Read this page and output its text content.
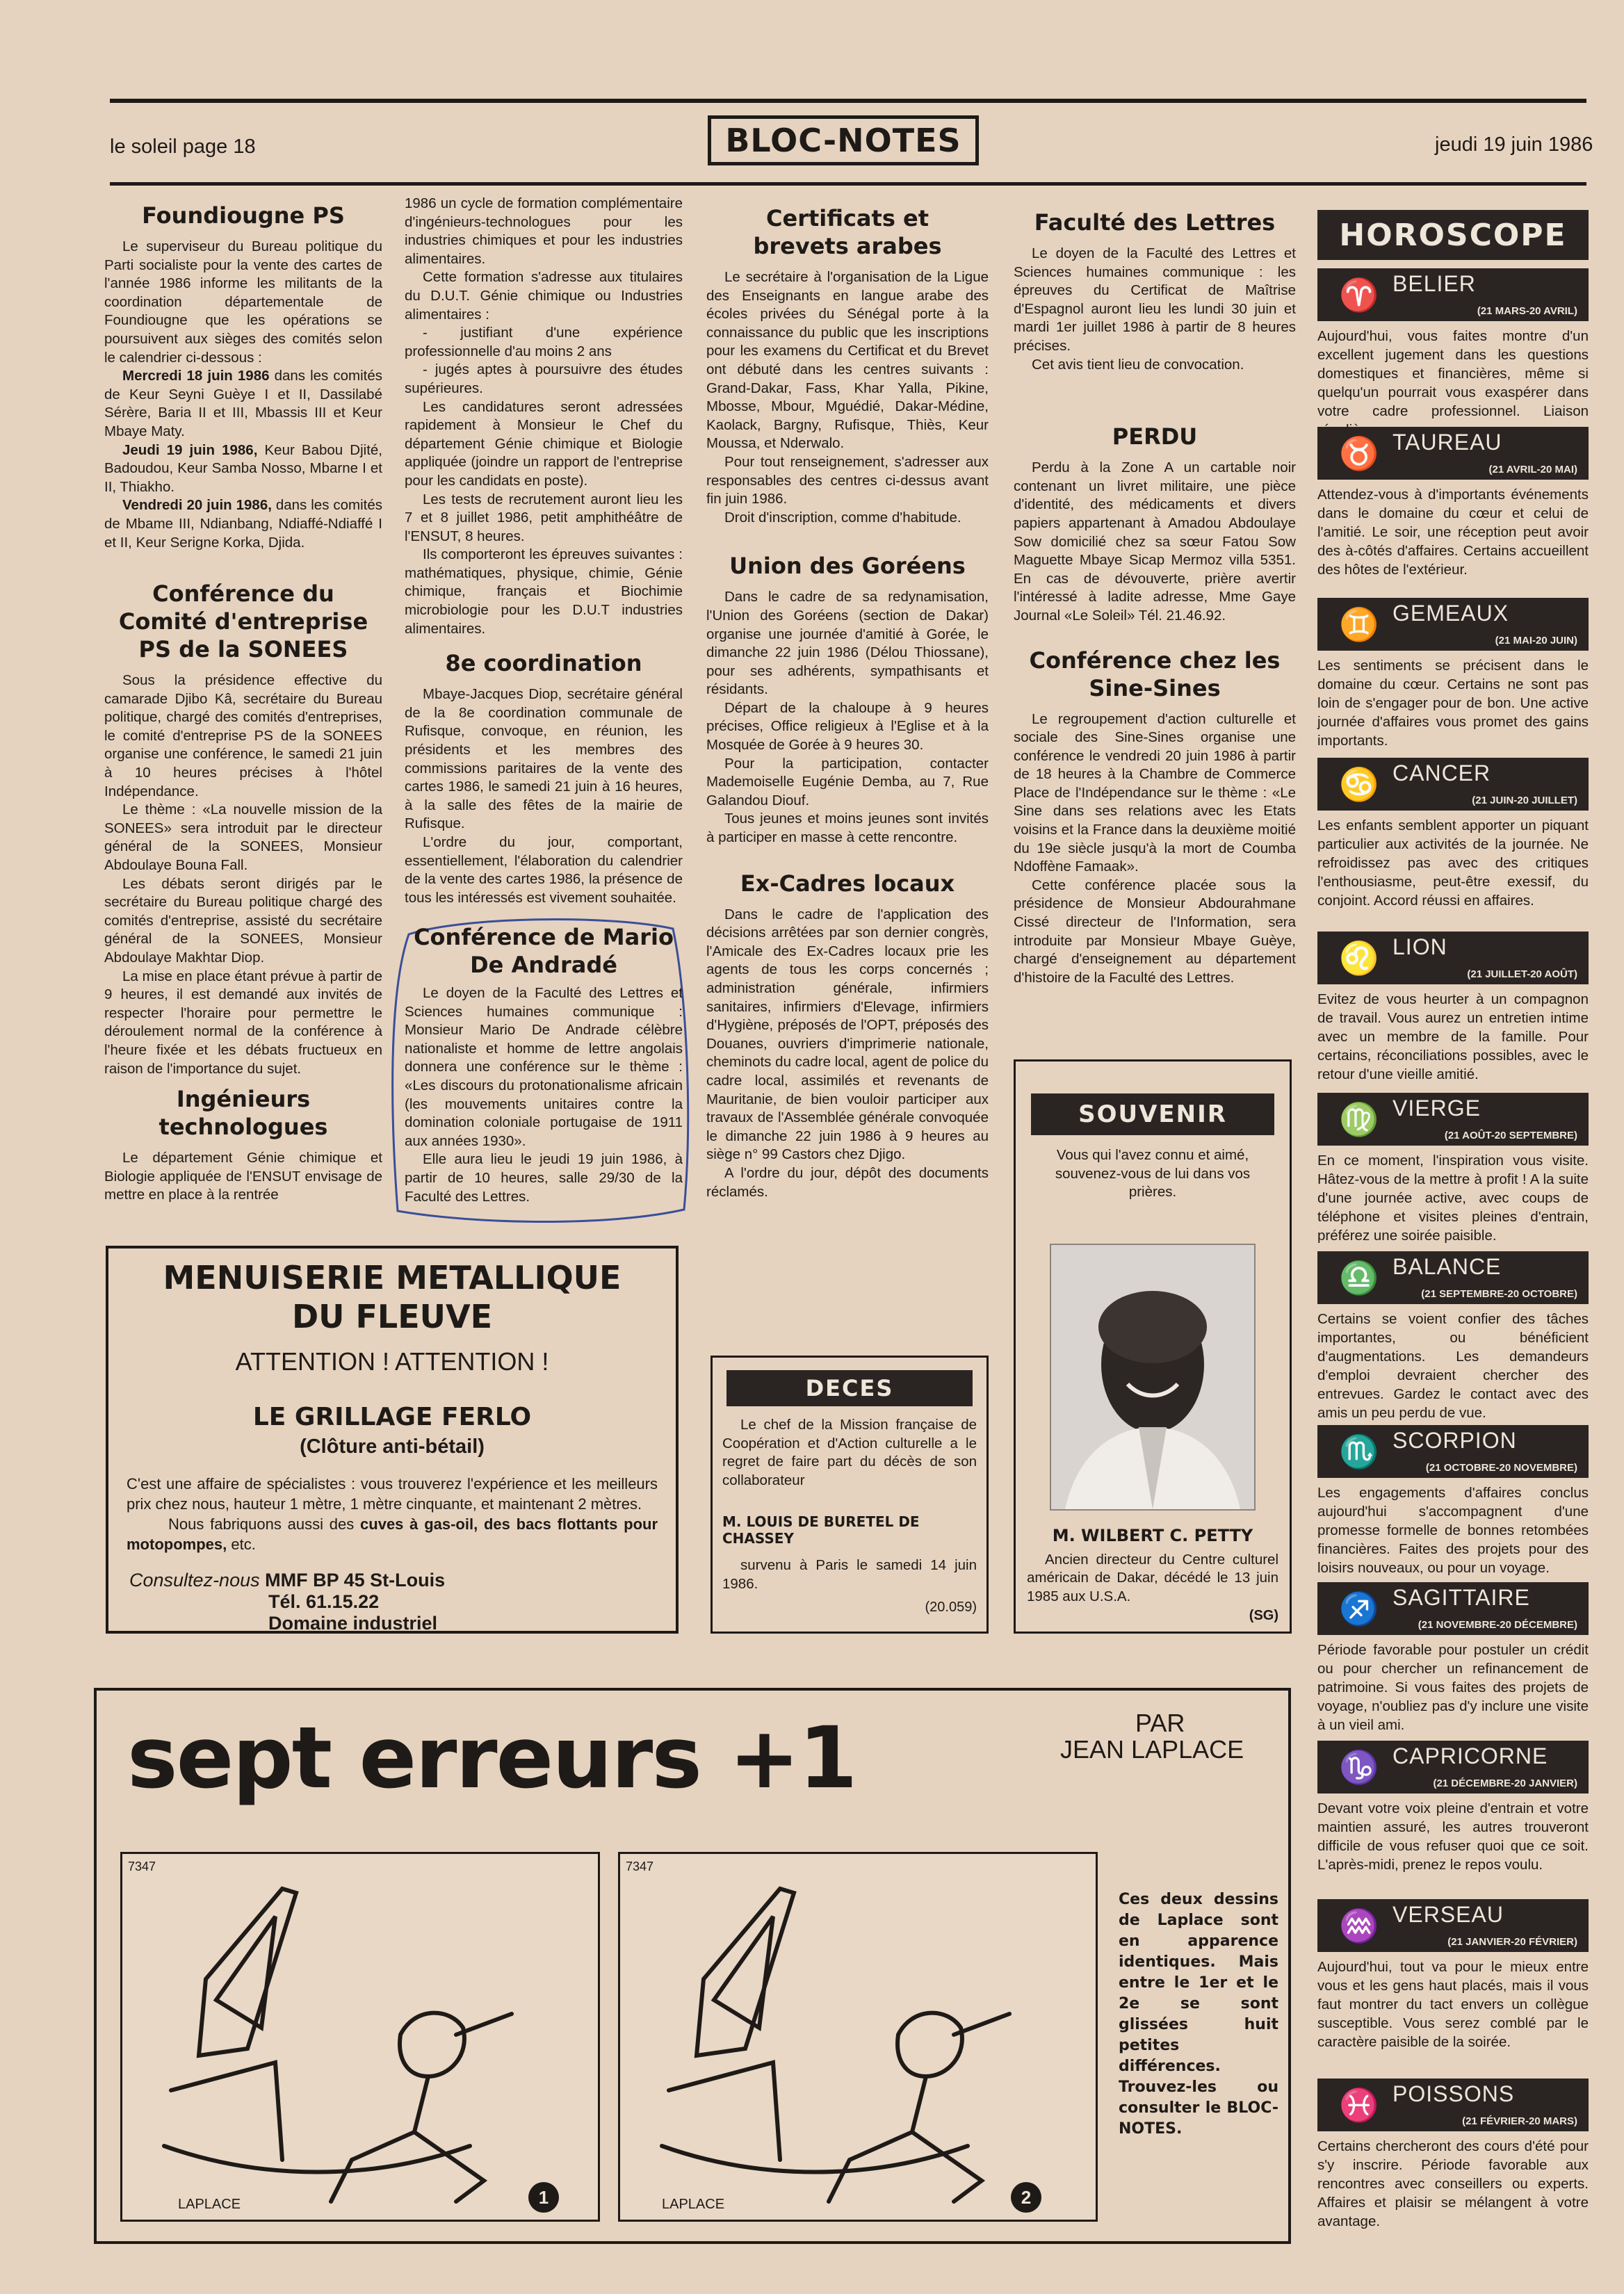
le soleil page 18	BLOC-NOTES	jeudi 19 juin 1986
Foundiougne PS

Le superviseur du Bureau politique du Parti socialiste pour la vente des cartes de l'année 1986 informe les militants de la coordination départementale de Foundiougne que les opérations se poursuivent aux sièges des comités selon le calendrier ci-dessous :

Mercredi 18 juin 1986 dans les comités de Keur Seyni Guèye I et II, Dassilabé Sérère, Baria II et III, Mbassis III et Keur Mbaye Maty.

Jeudi 19 juin 1986, Keur Babou Djité, Badoudou, Keur Samba Nosso, Mbarne I et II, Thiakho.

Vendredi 20 juin 1986, dans les comités de Mbame III, Ndianbang, Ndiaffé-Ndiaffé I et II, Keur Serigne Korka, Djida.

Conférence du Comité d'entreprise PS de la SONEES

Sous la présidence effective du camarade Djibo Kâ, secrétaire du Bureau politique, chargé des comités d'entreprises, le comité d'entreprise PS de la SONEES organise une conférence, le samedi 21 juin à 10 heures précises à l'hôtel Indépendance.

Le thème : «La nouvelle mission de la SONEES» sera introduit par le directeur général de la SONEES, Monsieur Abdoulaye Bouna Fall.

Les débats seront dirigés par le secrétaire du Bureau politique chargé des comités d'entreprise, assisté du secrétaire général de la SONEES, Monsieur Abdoulaye Makhtar Diop.

La mise en place étant prévue à partir de 9 heures, il est demandé aux invités de respecter l'horaire pour permettre le déroulement normal de la conférence à l'heure fixée et les débats fructueux en raison de l'importance du sujet.

Ingénieurs technologues

Le département Génie chimique et Biologie appliquée de l'ENSUT envisage de mettre en place à la rentrée

1986 un cycle de formation complémentaire d'ingénieurs-technologues pour les industries chimiques et pour les industries alimentaires.

Cette formation s'adresse aux titulaires du D.U.T. Génie chimique ou Industries alimentaires :

- justifiant d'une expérience professionnelle d'au moins 2 ans

- jugés aptes à poursuivre des études supérieures.

Les candidatures seront adressées rapidement à Monsieur le Chef du département Génie chimique et Biologie appliquée (joindre un rapport de l'entreprise pour les candidats en poste).

Les tests de recrutement auront lieu les 7 et 8 juillet 1986, petit amphithéâtre de l'ENSUT, 8 heures.

Ils comporteront les épreuves suivantes : mathématiques, physique, chimie, Génie chimique, français et Biochimie microbiologie pour les D.U.T industries alimentaires.

8e coordination

Mbaye-Jacques Diop, secrétaire général de la 8e coordination communale de Rufisque, convoque, en réunion, les présidents et les membres des commissions paritaires de la vente des cartes 1986, le samedi 21 juin à 16 heures, à la salle des fêtes de la mairie de Rufisque.

L'ordre du jour, comportant, essentiellement, l'élaboration du calendrier de la vente des cartes 1986, la présence de tous les intéressés est vivement souhaitée.

Conférence de Mario De Andradé

Le doyen de la Faculté des Lettres et Sciences humaines communique : Monsieur Mario De Andrade célèbre nationaliste et homme de lettre angolais donnera une conférence sur le thème : «Les discours du protonationalisme africain (les mouvements unitaires contre la domination coloniale portugaise de 1911 aux années 1930».

Elle aura lieu le jeudi 19 juin 1986, à partir de 10 heures, salle 29/30 de la Faculté des Lettres.

Certificats et brevets arabes

Le secrétaire à l'organisation de la Ligue des Enseignants en langue arabe des écoles privées du Sénégal porte à la connaissance du public que les inscriptions pour les examens du Certificat et du Brevet ont débuté dans les centres suivants : Grand-Dakar, Fass, Khar Yalla, Pikine, Mbosse, Mbour, Mguédié, Dakar-Médine, Kaolack, Bargny, Rufisque, Thiès, Keur Moussa, et Nderwalo.

Pour tout renseignement, s'adresser aux responsables des centres ci-dessus avant fin juin 1986.

Droit d'inscription, comme d'habitude.

Union des Goréens

Dans le cadre de sa redynamisation, l'Union des Goréens (section de Dakar) organise une journée d'amitié à Gorée, le dimanche 22 juin 1986 (Délou Thiossane), pour ses adhérents, sympathisants et résidants.

Départ de la chaloupe à 9 heures précises, Office religieux à l'Eglise et à la Mosquée de Gorée à 9 heures 30.

Pour la participation, contacter Mademoiselle Eugénie Demba, au 7, Rue Galandou Diouf.

Tous jeunes et moins jeunes sont invités à participer en masse à cette rencontre.

Ex-Cadres locaux

Dans le cadre de l'application des décisions arrêtées par son dernier congrès, l'Amicale des Ex-Cadres locaux prie les agents de tous les corps concernés ; administration générale, infirmiers sanitaires, infirmiers d'Elevage, infirmiers d'Hygiène, préposés de l'OPT, préposés des Douanes, ouvriers d'imprimerie nationale, cheminots du cadre local, agent de police du cadre local, assimilés et revenants de Mauritanie, de bien vouloir participer aux travaux de l'Assemblée générale convoquée le dimanche 22 juin 1986 à 9 heures au siège n° 99 Castors chez Djigo.

A l'ordre du jour, dépôt des documents réclamés.

DECES

Le chef de la Mission française de Coopération et d'Action culturelle a le regret de faire part du décès de son collaborateur

M. LOUIS DE BURETEL DE CHASSEY

survenu à Paris le samedi 14 juin 1986.

(20.059)
Faculté des Lettres

Le doyen de la Faculté des Lettres et Sciences humaines communique : les épreuves du Certificat de Maîtrise d'Espagnol auront lieu les lundi 30 juin et mardi 1er juillet 1986 à partir de 8 heures précises.

Cet avis tient lieu de convocation.

PERDU

Perdu à la Zone A un cartable noir contenant un livret militaire, une pièce d'identité, des médicaments et divers papiers appartenant à Amadou Abdoulaye Sow domicilié chez sa sœur Fatou Sow Maguette Mbaye Sicap Mermoz villa 5351. En cas de dévouverte, prière avertir l'intéressé à ladite adresse, Mme Gaye Journal «Le Soleil» Tél. 21.46.92.

Conférence chez les Sine-Sines

Le regroupement d'action culturelle et sociale des Sine-Sines organise une conférence le vendredi 20 juin 1986 à partir de 18 heures à la Chambre de Commerce Place de l'Indépendance sur le thème : «Le Sine dans ses relations avec les Etats voisins et la France dans la deuxième moitié du 19e siècle jusqu'à la mort de Coumba Ndoffène Famaak».

Cette conférence placée sous la présidence de Monsieur Abdourahmane Cissé directeur de l'Information, sera introduite par Monsieur Mbaye Guèye, chargé d'enseignement au département d'histoire de la Faculté des Lettres.

SOUVENIR

Vous qui l'avez connu et aimé, souvenez-vous de lui dans vos prières.

M. WILBERT C. PETTY

Ancien directeur du Centre culturel américain de Dakar, décédé le 13 juin 1985 aux U.S.A.

(SG)
MENUISERIE METALLIQUE
DU FLEUVE
ATTENTION ! ATTENTION !
LE GRILLAGE FERLO
(Clôture anti-bétail)

C'est une affaire de spécialistes : vous trouverez l'expérience et les meilleurs prix chez nous, hauteur 1 mètre, 1 mètre cinquante, et maintenant 2 mètres.

Nous fabriquons aussi des cuves à gas-oil, des bacs flottants pour motopompes, etc.

Consultez-nous MMF BP 45 St-Louis
Tél. 61.15.22
Domaine industriel
sept erreurs +1	PAR
JEAN LAPLACE
7347
LAPLACE	1
7347
LAPLACE	2

Ces deux dessins de Laplace sont en apparence identiques. Mais entre le 1er et le 2e se sont glissées huit petites différences. Trouvez-les ou consulter le BLOC-NOTES.

HOROSCOPE
♈ BELIER
(21 MARS-20 AVRIL)

Aujourd'hui, vous faites montre d'un excellent jugement dans les questions domestiques et financières, même si quelqu'un pourrait vous exaspérer dans votre cadre professionnel. Liaison

♉ TAUREAU
(21 AVRIL-20 MAI)

Attendez-vous à d'importants événements dans le domaine du cœur et celui de l'amitié. Le soir, une réception peut avoir des à-côtés d'affaires. Certains accueillent des hôtes de l'extérieur.

♊ GEMEAUX
(21 MAI-20 JUIN)

Les sentiments se précisent dans le domaine du cœur. Certains ne sont pas loin de s'engager pour de bon. Une active journée d'affaires vous promet des gains importants.

♋ CANCER
(21 JUIN-20 JUILLET)

Les enfants semblent apporter un piquant particulier aux activités de la journée. Ne refroidissez pas avec des critiques l'enthousiasme, peut-être exessif, du conjoint. Accord réussi en affaires.

♌ LION
(21 JUILLET-20 AOÛT)

Evitez de vous heurter à un compagnon de travail. Vous aurez un entretien intime avec un membre de la famille. Pour certains, réconciliations possibles, avec le retour d'une vieille amitié.

♍ VIERGE
(21 AOÛT-20 SEPTEMBRE)

En ce moment, l'inspiration vous visite. Hâtez-vous de la mettre à profit ! A la suite d'une journée active, avec coups de téléphone et visites pleines d'entrain, préférez une soirée paisible.

♎ BALANCE
(21 SEPTEMBRE-20 OCTOBRE)

Certains se voient confier des tâches importantes, ou bénéficient d'augmentations. Les demandeurs d'emploi devraient chercher des entrevues. Gardez le contact avec des amis un peu perdu de vue.

♏ SCORPION
(21 OCTOBRE-20 NOVEMBRE)

Les engagements d'affaires conclus aujourd'hui s'accompagnent d'une promesse formelle de bonnes retombées financières. Faites des projets pour des loisirs nouveaux, ou pour un voyage.

♐ SAGITTAIRE
(21 NOVEMBRE-20 DÉCEMBRE)

Période favorable pour postuler un crédit ou pour chercher un refinancement de patrimoine. Si vous faites des projets de voyage, n'oubliez pas d'y inclure une visite à un vieil ami.

♑ CAPRICORNE
(21 DÉCEMBRE-20 JANVIER)

Devant votre voix pleine d'entrain et votre maintien assuré, les autres trouveront difficile de vous refuser quoi que ce soit. L'après-midi, prenez le repos voulu.

♒ VERSEAU
(21 JANVIER-20 FÉVRIER)

Aujourd'hui, tout va pour le mieux entre vous et les gens haut placés, mais il vous faut montrer du tact envers un collègue susceptible. Vous serez comblé par le caractère paisible de la soirée.

♓ POISSONS
(21 FÉVRIER-20 MARS)

Certains chercheront des cours d'été pour s'y inscrire. Période favorable aux rencontres avec conseillers ou experts. Affaires et plaisir se mélangent à votre avantage.
